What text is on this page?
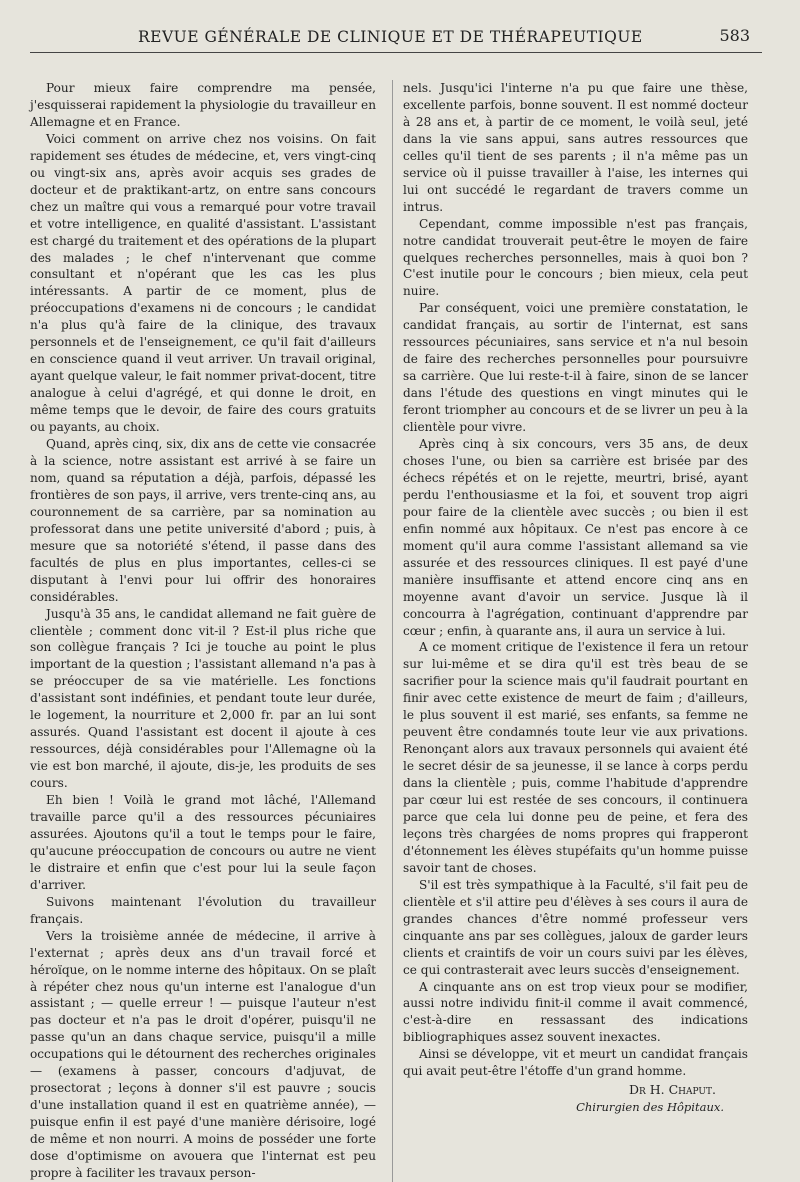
REVUE GÉNÉRALE DE CLINIQUE ET DE THÉRAPEUTIQUE	583

Pour mieux faire comprendre ma pensée, j'esquisserai rapidement la physiologie du travailleur en Allemagne et en France.

Voici comment on arrive chez nos voisins. On fait rapidement ses études de médecine, et, vers vingt-cinq ou vingt-six ans, après avoir acquis ses grades de docteur et de praktikant-artz, on entre sans concours chez un maître qui vous a remarqué pour votre travail et votre intelligence, en qualité d'assistant. L'assistant est chargé du traitement et des opérations de la plupart des malades ; le chef n'intervenant que comme consultant et n'opérant que les cas les plus intéressants. A partir de ce moment, plus de préoccupations d'examens ni de concours ; le candidat n'a plus qu'à faire de la clinique, des travaux personnels et de l'enseignement, ce qu'il fait d'ailleurs en conscience quand il veut arriver. Un travail original, ayant quelque valeur, le fait nommer privat-docent, titre analogue à celui d'agrégé, et qui donne le droit, en même temps que le devoir, de faire des cours gratuits ou payants, au choix.

Quand, après cinq, six, dix ans de cette vie consacrée à la science, notre assistant est arrivé à se faire un nom, quand sa réputation a déjà, parfois, dépassé les frontières de son pays, il arrive, vers trente-cinq ans, au couronnement de sa carrière, par sa nomination au professorat dans une petite université d'abord ; puis, à mesure que sa notoriété s'étend, il passe dans des facultés de plus en plus importantes, celles-ci se disputant à l'envi pour lui offrir des honoraires considérables.

Jusqu'à 35 ans, le candidat allemand ne fait guère de clientèle ; comment donc vit-il ? Est-il plus riche que son collègue français ? Ici je touche au point le plus important de la question ; l'assistant allemand n'a pas à se préoccuper de sa vie matérielle. Les fonctions d'assistant sont indéfinies, et pendant toute leur durée, le logement, la nourriture et 2,000 fr. par an lui sont assurés. Quand l'assistant est docent il ajoute à ces ressources, déjà considérables pour l'Allemagne où la vie est bon marché, il ajoute, dis-je, les produits de ses cours.

Eh bien ! Voilà le grand mot lâché, l'Allemand travaille parce qu'il a des ressources pécuniaires assurées. Ajoutons qu'il a tout le temps pour le faire, qu'aucune préoccupation de concours ou autre ne vient le distraire et enfin que c'est pour lui la seule façon d'arriver.

Suivons maintenant l'évolution du travailleur français.

Vers la troisième année de médecine, il arrive à l'externat ; après deux ans d'un travail forcé et héroïque, on le nomme interne des hôpitaux. On se plaît à répéter chez nous qu'un interne est l'analogue d'un assistant ; — quelle erreur ! — puisque l'auteur n'est pas docteur et n'a pas le droit d'opérer, puisqu'il ne passe qu'un an dans chaque service, puisqu'il a mille occupations qui le détournent des recherches originales — (examens à passer, concours d'adjuvat, de prosectorat ; leçons à donner s'il est pauvre ; soucis d'une installation quand il est en quatrième année), — puisque enfin il est payé d'une manière dérisoire, logé de même et non nourri. A moins de posséder une forte dose d'optimisme on avouera que l'internat est peu propre à faciliter les travaux person-

nels. Jusqu'ici l'interne n'a pu que faire une thèse, excellente parfois, bonne souvent. Il est nommé docteur à 28 ans et, à partir de ce moment, le voilà seul, jeté dans la vie sans appui, sans autres ressources que celles qu'il tient de ses parents ; il n'a même pas un service où il puisse travailler à l'aise, les internes qui lui ont succédé le regardant de travers comme un intrus.

Cependant, comme impossible n'est pas français, notre candidat trouverait peut-être le moyen de faire quelques recherches personnelles, mais à quoi bon ? C'est inutile pour le concours ; bien mieux, cela peut nuire.

Par conséquent, voici une première constatation, le candidat français, au sortir de l'internat, est sans ressources pécuniaires, sans service et n'a nul besoin de faire des recherches personnelles pour poursuivre sa carrière. Que lui reste-t-il à faire, sinon de se lancer dans l'étude des questions en vingt minutes qui le feront triompher au concours et de se livrer un peu à la clientèle pour vivre.

Après cinq à six concours, vers 35 ans, de deux choses l'une, ou bien sa carrière est brisée par des échecs répétés et on le rejette, meurtri, brisé, ayant perdu l'enthousiasme et la foi, et souvent trop aigri pour faire de la clientèle avec succès ; ou bien il est enfin nommé aux hôpitaux. Ce n'est pas encore à ce moment qu'il aura comme l'assistant allemand sa vie assurée et des ressources cliniques. Il est payé d'une manière insuffisante et attend encore cinq ans en moyenne avant d'avoir un service. Jusque là il concourra à l'agrégation, continuant d'apprendre par cœur ; enfin, à quarante ans, il aura un service à lui.

A ce moment critique de l'existence il fera un retour sur lui-même et se dira qu'il est très beau de se sacrifier pour la science mais qu'il faudrait pourtant en finir avec cette existence de meurt de faim ; d'ailleurs, le plus souvent il est marié, ses enfants, sa femme ne peuvent être condamnés toute leur vie aux privations. Renonçant alors aux travaux personnels qui avaient été le secret désir de sa jeunesse, il se lance à corps perdu dans la clientèle ; puis, comme l'habitude d'apprendre par cœur lui est restée de ses concours, il continuera parce que cela lui donne peu de peine, et fera des leçons très chargées de noms propres qui frapperont d'étonnement les élèves stupéfaits qu'un homme puisse savoir tant de choses.

S'il est très sympathique à la Faculté, s'il fait peu de clientèle et s'il attire peu d'élèves à ses cours il aura de grandes chances d'être nommé professeur vers cinquante ans par ses collègues, jaloux de garder leurs clients et craintifs de voir un cours suivi par les élèves, ce qui contrasterait avec leurs succès d'enseignement.

A cinquante ans on est trop vieux pour se modifier, aussi notre individu finit-il comme il avait commencé, c'est-à-dire en ressassant des indications bibliographiques assez souvent inexactes.

Ainsi se développe, vit et meurt un candidat français qui avait peut-être l'étoffe d'un grand homme.

Dr H. Chaput.
Chirurgien des Hôpitaux.
